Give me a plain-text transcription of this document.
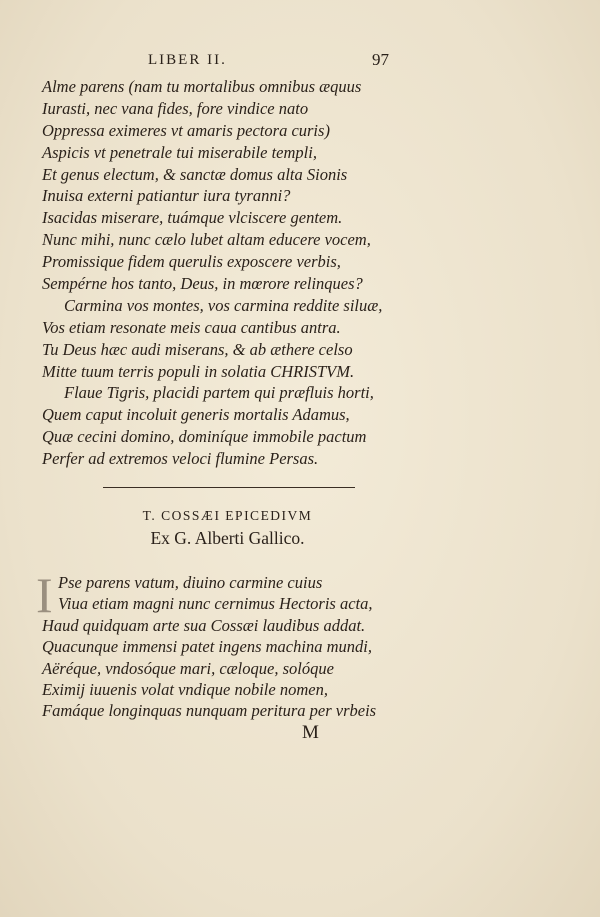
LIBER II.	97
Alme parens (nam tu mortalibus omnibus æquus
Iurasti, nec vana fides, fore vindice nato
Oppressa eximeres vt amaris pectora curis)
Aspicis vt penetrale tui miserabile templi,
Et genus electum, & sanctæ domus alta Sionis
Inuisa externi patiantur iura tyranni?
Isacidas miserare, tuámque vlciscere gentem.
Nunc mihi, nunc cælo lubet altam educere vocem,
Promissique fidem querulis exposcere verbis,
Sempérne hos tanto, Deus, in mœrore relinques?
Carmina vos montes, vos carmina reddite siluæ,
Vos etiam resonate meis caua cantibus antra.
Tu Deus hæc audi miserans, & ab æthere celso
Mitte tuum terris populi in solatia CHRISTVM.
Flaue Tigris, placidi partem qui præfluis horti,
Quem caput incoluit generis mortalis Adamus,
Quæ cecini domino, dominíque immobile pactum
Perfer ad extremos veloci flumine Persas.
T. COSSÆI EPICEDIVM
Ex G. Alberti Gallico.
I Pse parens vatum, diuino carmine cuius
Viua etiam magni nunc cernimus Hectoris acta,
Haud quidquam arte sua Cossæi laudibus addat.
Quacunque immensi patet ingens machina mundi,
Aëréque, vndosóque mari, cæloque, solóque
Eximij iuuenis volat vndique nobile nomen,
Famáque longinquas nunquam peritura per vrbeis
M
